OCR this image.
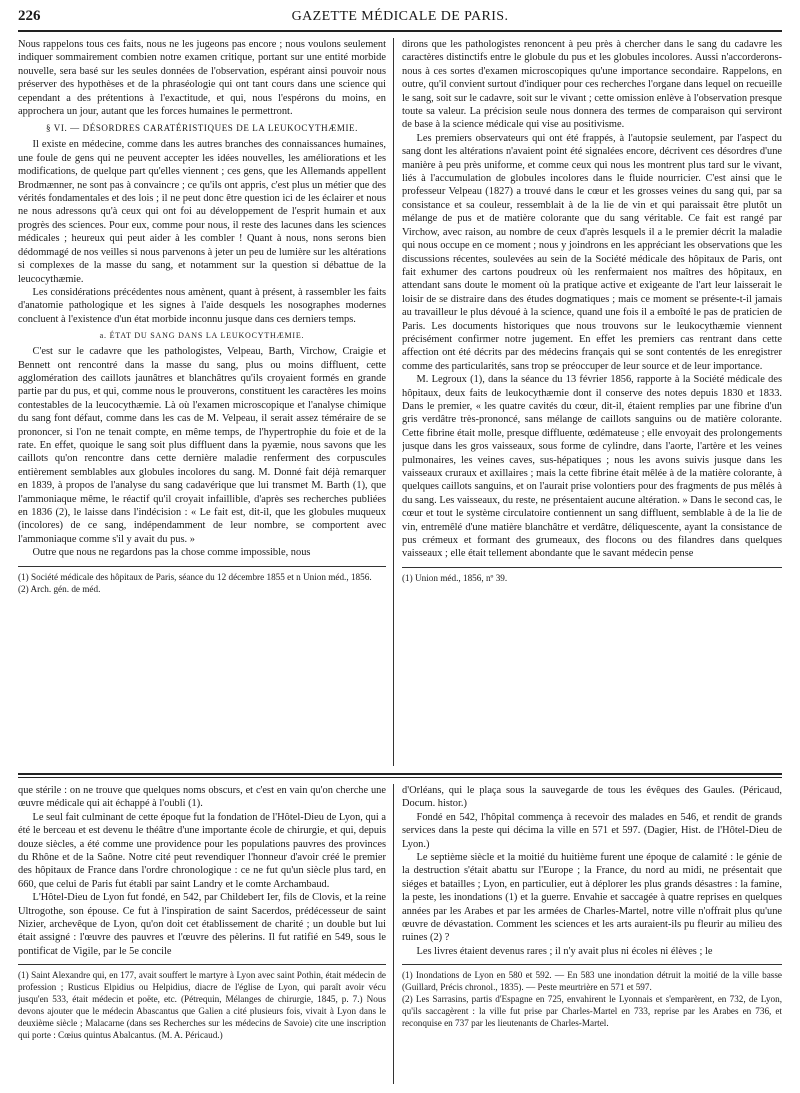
226	GAZETTE MÉDICALE DE PARIS.

Nous rappelons tous ces faits, nous ne les jugeons pas encore ; nous voulons seulement indiquer sommairement combien notre examen critique, portant sur une entité morbide nouvelle, sera basé sur les seules données de l'observation, espérant ainsi pouvoir nous préserver des hypothèses et de la phraséologie qui ont tant cours dans une science qui cependant a des prétentions à l'exactitude, et qui, nous l'espérons du moins, en approchera un jour, autant que les forces humaines le permettront.

§ VI. — DÉSORDRES CARATÉRISTIQUES DE LA LEUKOCYTHÆMIE.

Il existe en médecine, comme dans les autres branches des connaissances humaines, une foule de gens qui ne peuvent accepter les idées nouvelles, les améliorations et les modifications, de quelque part qu'elles viennent ; ces gens, que les Allemands appellent Brodmænner, ne sont pas à convaincre ; ce qu'ils ont appris, c'est plus un métier que des vérités fondamentales et des lois ; il ne peut donc être question ici de les éclairer et nous ne nous adressons qu'à ceux qui ont foi au développement de l'esprit humain et aux progrès des sciences. Pour eux, comme pour nous, il reste des lacunes dans les sciences médicales ; heureux qui peut aider à les combler ! Quant à nous, nons serons bien dédommagé de nos veilles si nous parvenons à jeter un peu de lumière sur les altérations si complexes de la masse du sang, et notamment sur la question si débattue de la leucocythæmie.

Les considérations précédentes nous amènent, quant à présent, à rassembler les faits d'anatomie pathologique et les signes à l'aide desquels les nosographes modernes concluent à l'existence d'un état morbide inconnu jusque dans ces derniers temps.

a. ÉTAT DU SANG DANS LA LEUKOCYTHÆMIE.

C'est sur le cadavre que les pathologistes, Velpeau, Barth, Virchow, Craigie et Bennett ont rencontré dans la masse du sang, plus ou moins diffluent, cette agglomération des caillots jaunâtres et blanchâtres qu'ils croyaient formés en grande partie par du pus, et qui, comme nous le prouverons, constituent les caractères les moins contestables de la leucocythæmie. Là où l'examen microscopique et l'analyse chimique du sang font défaut, comme dans les cas de M. Velpeau, il serait assez téméraire de se prononcer, si l'on ne tenait compte, en même temps, de l'hypertrophie du foie et de la rate. En effet, quoique le sang soit plus diffluent dans la pyæmie, nous savons que les caillots qu'on rencontre dans cette dernière maladie renferment des corpuscules entièrement semblables aux globules incolores du sang. M. Donné fait déjà remarquer en 1839, à propos de l'analyse du sang cadavérique que lui transmet M. Barth (1), que l'ammoniaque même, le réactif qu'il croyait infaillible, d'après ses recherches publiées en 1836 (2), le laisse dans l'indécision : « Le fait est, dit-il, que les globules muqueux (incolores) de ce sang, indépendamment de leur nombre, se comportent avec l'ammoniaque comme s'il y avait du pus. »

Outre que nous ne regardons pas la chose comme impossible, nous

(1) Société médicale des hôpitaux de Paris, séance du 12 décembre 1855 et n Union méd., 1856.

(2) Arch. gén. de méd.

dirons que les pathologistes renoncent à peu près à chercher dans le sang du cadavre les caractères distinctifs entre le globule du pus et les globules incolores. Aussi n'accorderons-nous à ces sortes d'examen microscopiques qu'une importance secondaire. Rappelons, en outre, qu'il convient surtout d'indiquer pour ces recherches l'organe dans lequel on recueille le sang, soit sur le cadavre, soit sur le vivant ; cette omission enlève à l'observation presque toute sa valeur. La précision seule nous donnera des termes de comparaison qui serviront de base à la science médicale qui vise au positivisme.

Les premiers observateurs qui ont été frappés, à l'autopsie seulement, par l'aspect du sang dont les altérations n'avaient point été signalées encore, décrivent ces désordres d'une manière à peu près uniforme, et comme ceux qui nous les montrent plus tard sur le vivant, liés à l'accumulation de globules incolores dans le fluide nourricier. C'est ainsi que le professeur Velpeau (1827) a trouvé dans le cœur et les grosses veines du sang qui, par sa consistance et sa couleur, ressemblait à de la lie de vin et qui paraissait être plutôt un mélange de pus et de matière colorante que du sang véritable. Ce fait est rangé par Virchow, avec raison, au nombre de ceux d'après lesquels il a le premier décrit la maladie qui nous occupe en ce moment ; nous y joindrons en les appréciant les observations que les discussions récentes, soulevées au sein de la Société médicale des hôpitaux de Paris, ont fait exhumer des cartons poudreux où les renfermaient nos maîtres des hôpitaux, en attendant sans doute le moment où la pratique active et exigeante de l'art leur laisserait le loisir de se distraire dans des études dogmatiques ; mais ce moment se présente-t-il jamais au travailleur le plus dévoué à la science, quand une fois il a emboîté le pas de praticien de Paris. Les documents historiques que nous trouvons sur le leukocythæmie viennent précisément confirmer notre jugement. En effet les premiers cas rentrant dans cette affection ont été décrits par des médecins français qui se sont contentés de les enregistrer comme des particularités, sans trop se préoccuper de leur source et de leur importance.

M. Legroux (1), dans la séance du 13 février 1856, rapporte à la Société médicale des hôpitaux, deux faits de leukocythæmie dont il conserve des notes depuis 1830 et 1833. Dans le premier, « les quatre cavités du cœur, dit-il, étaient remplies par une fibrine d'un gris verdâtre très-prononcé, sans mélange de caillots sanguins ou de matière colorante. Cette fibrine était molle, presque diffluente, œdémateuse ; elle envoyait des prolongements jusque dans les gros vaisseaux, sous forme de cylindre, dans l'aorte, l'artère et les veines pulmonaires, les veines caves, sus-hépatiques ; nous les avons suivis jusque dans les vaisseaux cruraux et axillaires ; mais la cette fibrine était mêlée à de la matière colorante, à quelques caillots sanguins, et on l'aurait prise volontiers pour des fragments de pus mêlés à du sang. Les vaisseaux, du reste, ne présentaient aucune altération. » Dans le second cas, le cœur et tout le système circulatoire contiennent un sang diffluent, semblable à de la lie de vin, entremêlé d'une matière blanchâtre et verdâtre, déliquescente, ayant la consistance de pus crémeux et formant des grumeaux, des flocons ou des filandres dans quelques vaisseaux ; elle était tellement abondante que le savant médecin pense

(1) Union méd., 1856, nº 39.

que stérile : on ne trouve que quelques noms obscurs, et c'est en vain qu'on cherche une œuvre médicale qui ait échappé à l'oubli (1).

Le seul fait culminant de cette époque fut la fondation de l'Hôtel-Dieu de Lyon, qui a été le berceau et est devenu le théâtre d'une importante école de chirurgie, et qui, depuis douze siècles, a été comme une providence pour les populations pauvres des provinces du Rhône et de la Saône. Notre cité peut revendiquer l'honneur d'avoir créé le premier des hôpitaux de France dans l'ordre chronologique : ce ne fut qu'un siècle plus tard, en 660, que celui de Paris fut établi par saint Landry et le comte Archambaud.

L'Hôtel-Dieu de Lyon fut fondé, en 542, par Childebert Ier, fils de Clovis, et la reine Ultrogothe, son épouse. Ce fut à l'inspiration de saint Sacerdos, prédécesseur de saint Nizier, archevêque de Lyon, qu'on doit cet établissement de charité ; un double but lui était assigné : l'œuvre des pauvres et l'œuvre des pèlerins. Il fut ratifié en 549, sous le pontificat de Vigile, par le 5e concile

(1) Saint Alexandre qui, en 177, avait souffert le martyre à Lyon avec saint Pothin, était médecin de profession ; Rusticus Elpidius ou Helpidius, diacre de l'église de Lyon, qui paraît avoir vécu jusqu'en 533, était médecin et poëte, etc. (Pétrequin, Mélanges de chirurgie, 1845, p. 7.) Nous devons ajouter que le médecin Abascantus que Galien a cité plusieurs fois, vivait à Lyon dans le deuxième siècle ; Malacarne (dans ses Recherches sur les médecins de Savoie) cite une inscription qui porte : Cœius quintus Abalcantus. (M. A. Péricaud.)

d'Orléans, qui le plaça sous la sauvegarde de tous les évêques des Gaules. (Péricaud, Docum. histor.)

Fondé en 542, l'hôpital commença à recevoir des malades en 546, et rendit de grands services dans la peste qui décima la ville en 571 et 597. (Dagier, Hist. de l'Hôtel-Dieu de Lyon.)

Le septième siècle et la moitié du huitième furent une époque de calamité : le génie de la destruction s'était abattu sur l'Europe ; la France, du nord au midi, ne présentait que siéges et batailles ; Lyon, en particulier, eut à déplorer les plus grands désastres : la famine, la peste, les inondations (1) et la guerre. Envahie et saccagée à quatre reprises en quelques années par les Arabes et par les armées de Charles-Martel, notre ville n'offrait plus qu'une œuvre de dévastation. Comment les sciences et les arts auraient-ils pu fleurir au milieu des ruines (2) ?

Les livres étaient devenus rares ; il n'y avait plus ni écoles ni élèves ; le

(1) Inondations de Lyon en 580 et 592. — En 583 une inondation détruit la moitié de la ville basse (Guillard, Précis chronol., 1835). — Peste meurtrière en 571 et 597.

(2) Les Sarrasins, partis d'Espagne en 725, envahirent le Lyonnais et s'emparèrent, en 732, de Lyon, qu'ils saccagèrent : la ville fut prise par Charles-Martel en 733, reprise par les Arabes en 736, et reconquise en 737 par les lieutenants de Charles-Martel.
